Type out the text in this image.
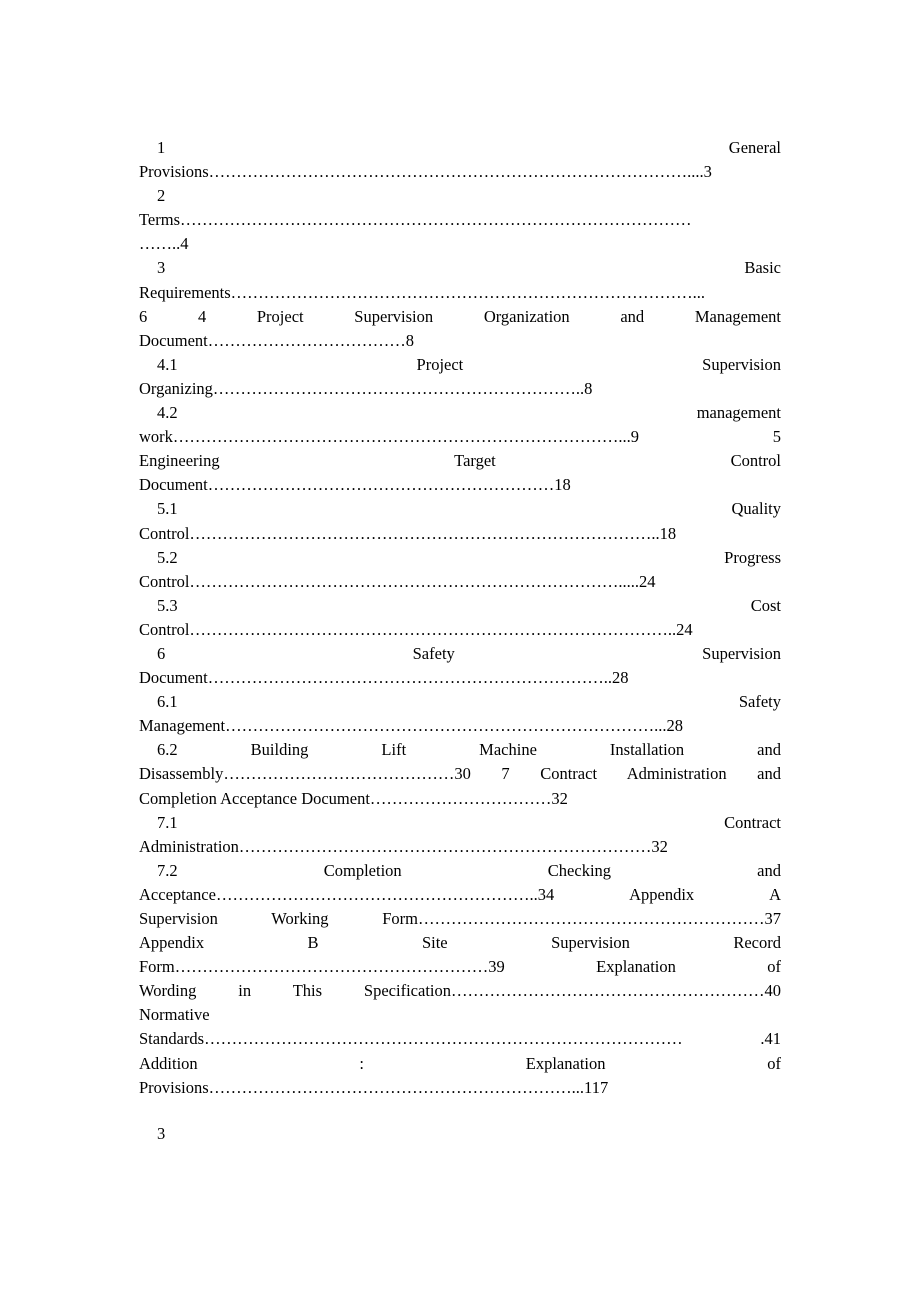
1 General
Provisions……………………………………………………………………………....3
2
Terms…………………………………………………………………………………
……..4
3 Basic
Requirements…………………………………………………………………………...
6 4 Project Supervision Organization and Management
Document………………………………8
4.1 Project Supervision
Organizing…………………………………………………………..8
4.2 management
work………………………………………………………………………...9 5
Engineering Target Control
Document………………………………………………………18
5.1 Quality
Control…………………………………………………………………………..18
5.2 Progress
Control…………………………………………………………………….....24
5.3 Cost
Control……………………………………………………………………………..24
6 Safety Supervision
Document………………………………………………………………..28
6.1 Safety
Management……………………………………………………………………...28
6.2 Building Lift Machine Installation and
Disassembly……………………………………30 7 Contract Administration and
Completion Acceptance Document……………………………32
7.1 Contract
Administration…………………………………………………………………32
7.2 Completion Checking and
Acceptance…………………………………………………..34 Appendix A
Supervision Working Form………………………………………………………37
Appendix B Site Supervision Record
Form…………………………………………………39 Explanation of
Wording in This Specification…………………………………………………40
Normative
Standards…………………………………………………………………………… .41
Addition : Explanation of
Provisions…………………………………………………………...117
3
